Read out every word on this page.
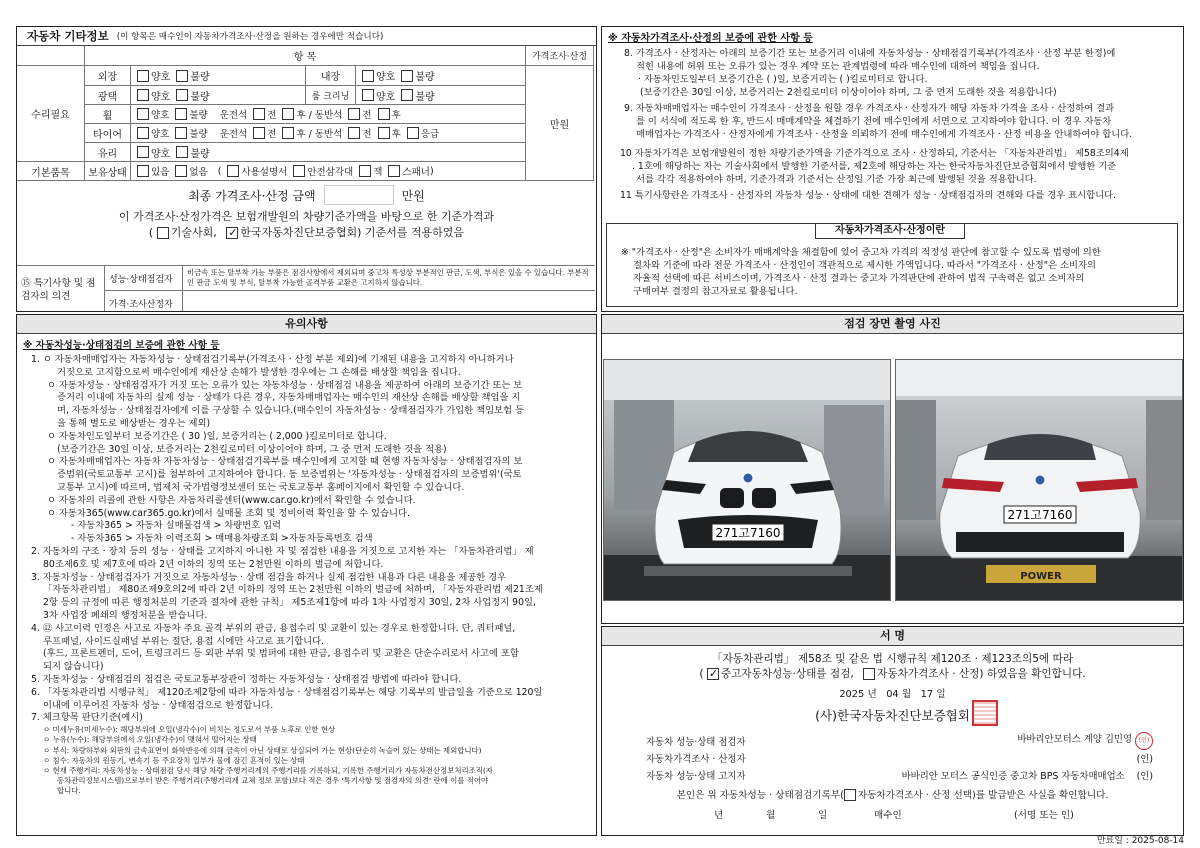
자동차 기타정보 (이 항목은 매수인이 자동차가격조사·산정을 원하는 경우에만 적습니다)
항 목	가격조사·산정
수리필요
만원
외장	양호 불량	내장	양호 불량
광택	양호 불량	룸 크리닝	양호 불량
휠	양호 불량 운전석 전 후 / 동반석 전 후
타이어	양호 불량 운전석 전 후 / 동반석 전 후 응급
유리	양호 불량
기본품목	보유상태	있음 없음 ( 사용설명서 안전삼각대 잭 스패너 )
최종 가격조사·산정 금액	만원
이 가격조사·산정가격은 보험개발원의 차량기준가액을 바탕으로 한 기준가격과
( 기술사회, ✓ 한국자동차진단보증협회) 기준서를 적용하였음
⑮ 특기사항 및 점검자의 의견
성능·상태점검자
비금속 또는 탈부착 가능 부품은 점검사항에서 제외되며 중고차 특성상 부분적인 판금, 도색, 부식은 있을 수 있습니다. 부분적인 판금 도색 및 부식, 탈부착 가능한 골격부품 교환은 고지하지 않습니다.
가격·조사산정자
※ 자동차가격조사·산정의 보증에 관한 사항 등
8. 가격조사 · 산정자는 아래의 보증기간 또는 보증거리 이내에 자동차성능 · 상태점검기록부(가격조사 · 산정 부분 한정)에
적힌 내용에 허위 또는 오류가 있는 경우 계약 또는 관계법령에 따라 매수인에 대하여 책임을 집니다.
· 자동차인도일부터 보증기간은 ( )일, 보증거리는 ( )킬로미터로 합니다.
(보증기간은 30일 이상, 보증거리는 2천킬로미터 이상이어야 하며, 그 중 먼저 도래한 것을 적용합니다)
9. 자동차매매업자는 매수인이 가격조사 · 산정을 원할 경우 가격조사 · 산정자가 해당 자동차 가격을 조사 · 산정하여 결과
를 이 서식에 적도록 한 후, 반드시 매매계약을 체결하기 전에 매수인에게 서면으로 고지하여야 합니다. 이 경우 자동차
매매업자는 가격조사 · 산정자에게 가격조사 · 산정을 의뢰하기 전에 매수인에게 가격조사 · 산정 비용을 안내하여야 합니다.
10 자동차가격은 보험개발원이 정한 차량기준가액을 기준가격으로 조사 · 산정하되, 기준서는 「자동차관리법」 제58조의4제
. 1호에 해당하는 자는 기술사회에서 발행한 기준서를, 제2호에 해당하는 자는 한국자동차진단보증협회에서 발행한 기준
서를 각각 적용하여야 하며, 기준가격과 기준서는 산정일 기준 가장 최근에 발행된 것을 적용합니다.
11 특기사항란은 가격조사 · 산정자의 자동차 성능 · 상태에 대한 견해가 성능 · 상태점검자의 견해와 다를 경우 표시합니다.
자동차가격조사·산정이란
※ "가격조사 · 산정"은 소비자가 매매계약을 체결함에 있어 중고차 가격의 적정성 판단에 참고할 수 있도록 법령에 의한
절차와 기준에 따라 전문 가격조사 · 산정인이 객관적으로 제시한 가액입니다. 따라서 "가격조사 · 산정"은 소비자의
자율적 선택에 따른 서비스이며, 가격조사 · 산정 결과는 중고차 가격판단에 관하여 법적 구속력은 없고 소비자의
구매여부 결정의 참고자료로 활용됩니다.
유의사항
※ 자동차성능·상태점검의 보증에 관한 사항 등
1. ㅇ 자동차매매업자는 자동차성능 · 상태점검기록부(가격조사 · 산정 부분 제외)에 기재된 내용을 고지하지 아니하거나
거짓으로 고지함으로써 매수인에게 재산상 손해가 발생한 경우에는 그 손해를 배상할 책임을 집니다.
ㅇ 자동차성능 · 상태점검자가 거짓 또는 오류가 있는 자동차성능 · 상태점검 내용을 제공하여 아래의 보증기간 또는 보
증거리 이내에 자동차의 실제 성능 · 상태가 다른 경우, 자동차매매업자는 매수인의 재산상 손해를 배상할 책임을 지
며, 자동차성능 · 상태점검자에게 이를 구상할 수 있습니다.(매수인이 자동차성능 · 상태점검자가 가입한 책임보험 등
을 통해 별도로 배상받는 경우는 제외)
ㅇ 자동차인도일부터 보증기간은 ( 30 )일, 보증거리는 ( 2,000 )킬로미터로 합니다.
(보증기간은 30일 이상, 보증거리는 2천킬로미터 이상이어야 하며, 그 중 먼저 도래한 것을 적용)
ㅇ 자동차매매업자는 자동차 자동차성능 · 상태점검기록부를 매수인에게 고지할 때 현행 자동차성능 · 상태점검자의 보
증범위(국토교통부 고시)를 첨부하여 고지하여야 합니다. 동 보증범위는 '자동차성능 · 상태점검자의 보증범위'(국토
교통부 고시)에 따르며, 법제처 국가법령정보센터 또는 국토교통부 홈페이지에서 확인할 수 있습니다.
ㅇ 자동차의 리콜에 관한 사항은 자동차리콜센터(www.car.go.kr)에서 확인할 수 있습니다.
ㅇ 자동차365(www.car365.go.kr)에서 실매물 조회 및 정비이력 확인을 할 수 있습니다.
- 자동차365 > 자동차 실매물검색 > 차량번호 입력
- 자동차365 > 자동차 이력조회 > 매매용차량조회 >자동차등록번호 검색
2. 자동차의 구조 · 장치 등의 성능 · 상태를 고지하지 아니한 자 및 점검한 내용을 거짓으로 고지한 자는 「자동차관리법」 제
80조제6호 및 제7호에 따라 2년 이하의 징역 또는 2천만원 이하의 벌금에 처합니다.
3. 자동차성능 · 상태점검자가 거짓으로 자동차성능 · 상태 점검을 하거나 실제 점검한 내용과 다른 내용을 제공한 경우
「자동차관리법」 제80조제9호의2에 따라 2년 이하의 징역 또는 2천만원 이하의 벌금에 처하며, 「자동차관리법 제21조제
2항 등의 규정에 따른 행정처분의 기준과 절차에 관한 규칙」 제5조제1항에 따라 1차 사업정지 30일, 2차 사업정지 90일,
3차 사업장 폐쇄의 행정처분을 받습니다.
4. ⑫ 사고이력 인정은 사고로 자동차 주요 골격 부위의 판금, 용접수리 및 교환이 있는 경우로 한정합니다. 단, 쿼터패널,
루프패널, 사이드실패널 부위는 절단, 용접 시에만 사고로 표기합니다.
(후드, 프론트펜더, 도어, 트렁크리드 등 외판 부위 및 범퍼에 대한 판금, 용접수리 및 교환은 단순수리로서 사고에 포함
되지 않습니다)
5. 자동차성능 · 상태점검의 점검은 국토교통부장관이 정하는 자동차성능 · 상태점검 방법에 따라야 합니다.
6. 「자동차관리법 시행규칙」 제120조제2항에 따라 자동차성능 · 상태점검기록부는 해당 기록부의 발급일을 기준으로 120일
이내에 이루어진 자동차 성능 · 상태점검으로 한정합니다.
7. 체크항목 판단기준(예시)
ㅇ 미세누유(미세누수): 해당부위에 오일(냉각수)이 비치는 정도로서 부품 노후로 인한 현상
ㅇ 누유(누수): 해당부위에서 오일(냉각수)이 맺혀서 떨어지는 상태
ㅇ 부식: 차량하부와 외판의 금속표면이 화학반응에 의해 금속이 아닌 상태로 상실되어 가는 현상(단순히 녹슬어 있는 상태는 제외합니다)
ㅇ 침수: 자동차의 원동기, 변속기 등 주요장치 일부가 물에 잠긴 흔적이 있는 상태
ㅇ 현재 주행거리: 자동차성능 · 상태점검 당시 해당 차량 주행거리계의 주행거리를 기록하되, 기록한 주행거리가 자동차전산정보처리조직(자
동차관리정보시스템)으로부터 받은 주행거리(주행거리계 교체 정보 포함)보다 적은 경우 '특기사항 및 점검자의 의견' 란에 이를 적어야
합니다.
점검 장면 촬영 사진
271고7160
POWER
271고7160
서 명
「자동차관리법」 제58조 및 같은 법 시행규칙 제120조 · 제123조의5에 따라
( ✓중고자동차성능·상태를 점검, 자동차가격조사 · 산정) 하였음을 확인합니다.
2025 년 04 월 17 일
(사)한국자동차진단보증협회
자동차 성능·상태 점검자	바바리안모터스 계양 김민영 (인)
자동차가격조사 · 산정자	(인)
자동차 성능·상태 고지자	바바리안 모터스 공식인증 중고차 BPS 자동차매매업소 (인)
본인은 위 자동차성능 · 상태점검기록부( 자동차가격조사 · 산정 선택)를 발급받은 사실을 확인합니다.
년	월	일	매수인	(서명 또는 인)
만료일 : 2025-08-14
